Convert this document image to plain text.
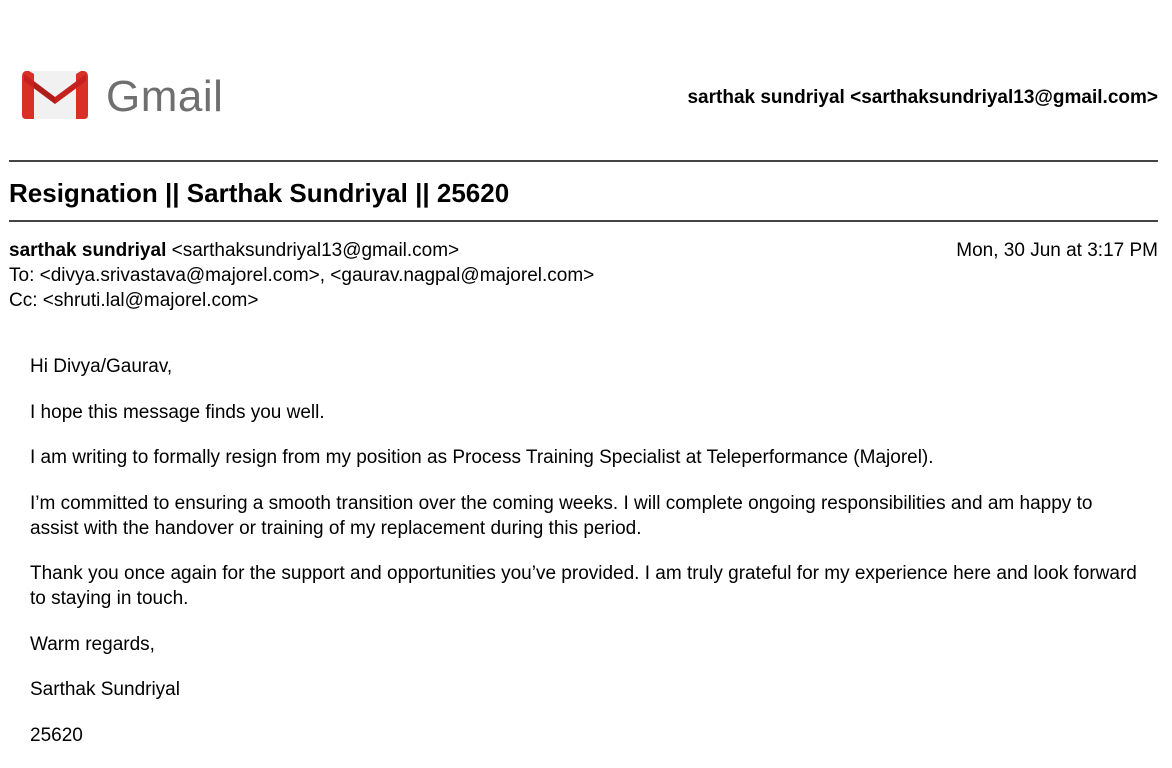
Gmail	sarthak sundriyal <sarthaksundriyal13@gmail.com>
Resignation || Sarthak Sundriyal || 25620
sarthak sundriyal <sarthaksundriyal13@gmail.com>	Mon, 30 Jun at 3:17 PM
To: <divya.srivastava@majorel.com>, <gaurav.nagpal@majorel.com>
Cc: <shruti.lal@majorel.com>

Hi Divya/Gaurav,

I hope this message finds you well.

I am writing to formally resign from my position as Process Training Specialist at Teleperformance (Majorel).

I’m committed to ensuring a smooth transition over the coming weeks. I will complete ongoing responsibilities and am happy to assist with the handover or training of my replacement during this period.

Thank you once again for the support and opportunities you’ve provided. I am truly grateful for my experience here and look forward to staying in touch.

Warm regards,

Sarthak Sundriyal

25620
